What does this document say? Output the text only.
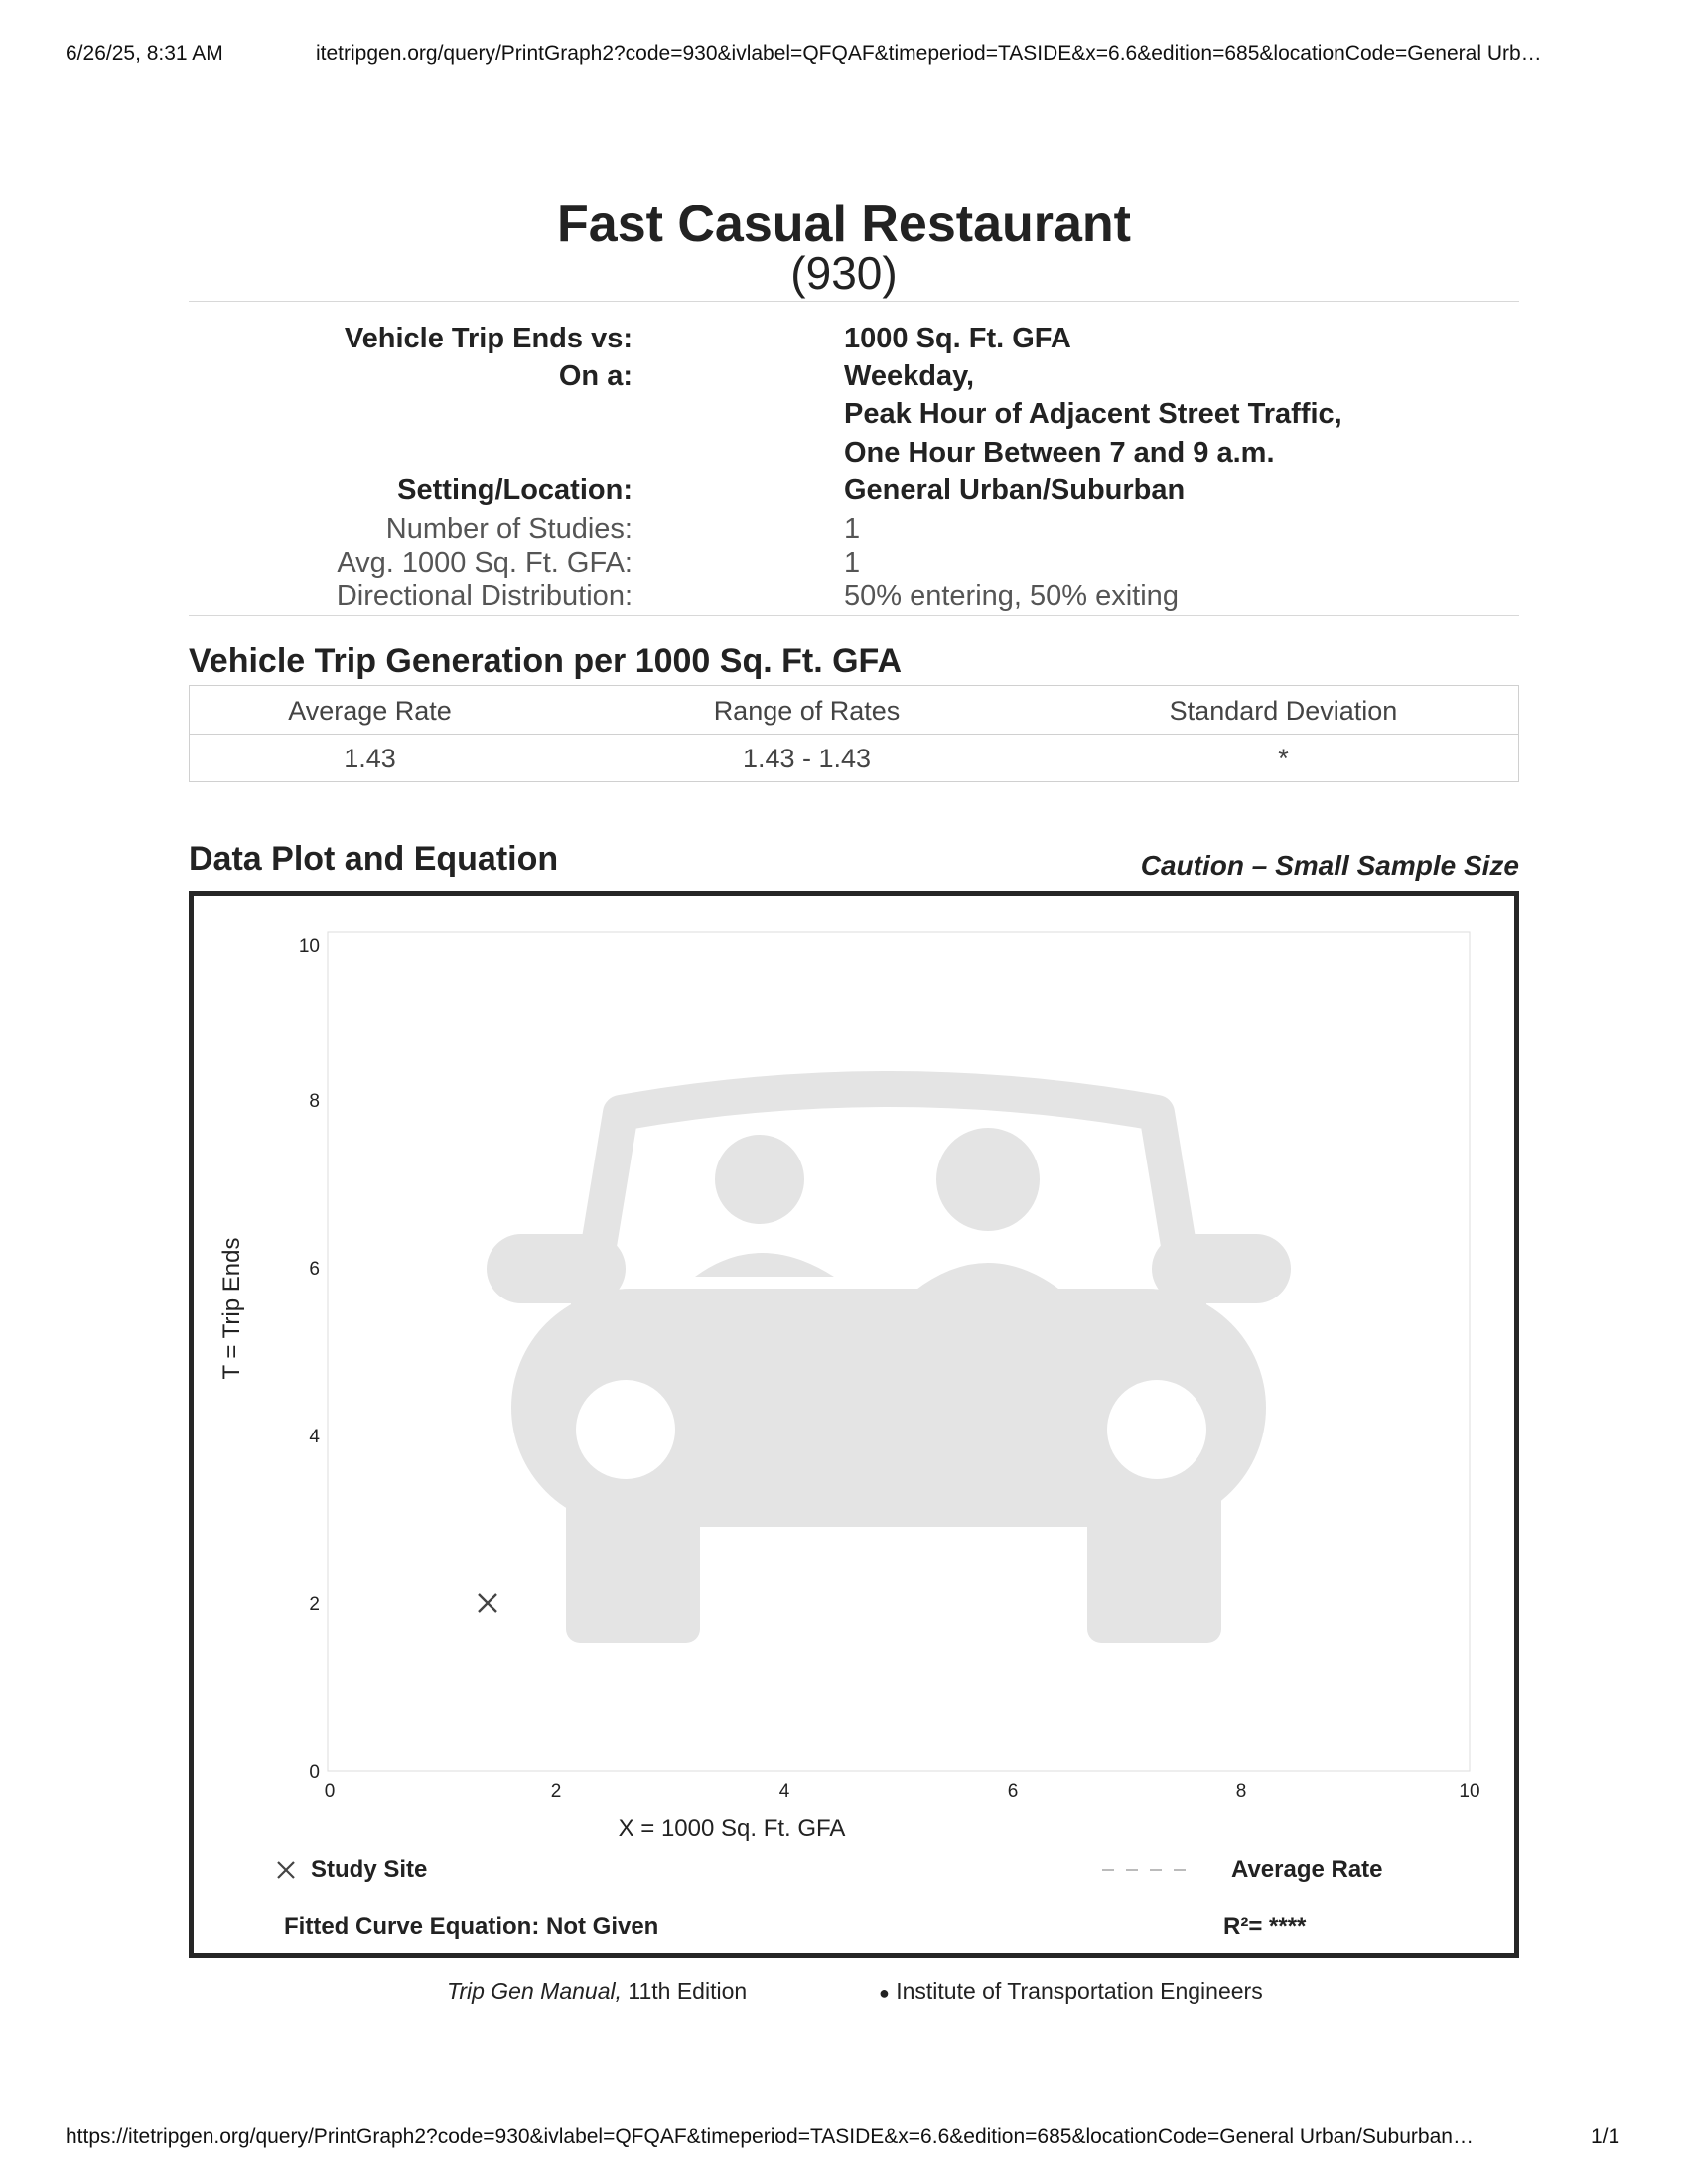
6/26/25, 8:31 AM	itetripgen.org/query/PrintGraph2?code=930&ivlabel=QFQAF&timeperiod=TASIDE&x=6.6&edition=685&locationCode=General Urb…
Fast Casual Restaurant
(930)
Vehicle Trip Ends vs:	1000 Sq. Ft. GFA
On a:	Weekday,
Peak Hour of Adjacent Street Traffic,
One Hour Between 7 and 9 a.m.
Setting/Location:	General Urban/Suburban
Number of Studies:	1
Avg. 1000 Sq. Ft. GFA:	1
Directional Distribution:	50% entering, 50% exiting
Vehicle Trip Generation per 1000 Sq. Ft. GFA
Average Rate	Range of Rates	Standard Deviation
1.43	1.43 - 1.43	*
Data Plot and Equation	Caution – Small Sample Size
0	2	4	6	8	10
0
2
4
6
8
10
X = 1000 Sq. Ft. GFA
T = Trip Ends
Study Site	Average Rate
Fitted Curve Equation: Not Given	R²= ****
Trip Gen Manual, 11th Edition	● Institute of Transportation Engineers
https://itetripgen.org/query/PrintGraph2?code=930&ivlabel=QFQAF&timeperiod=TASIDE&x=6.6&edition=685&locationCode=General Urban/Suburban…	1/1
